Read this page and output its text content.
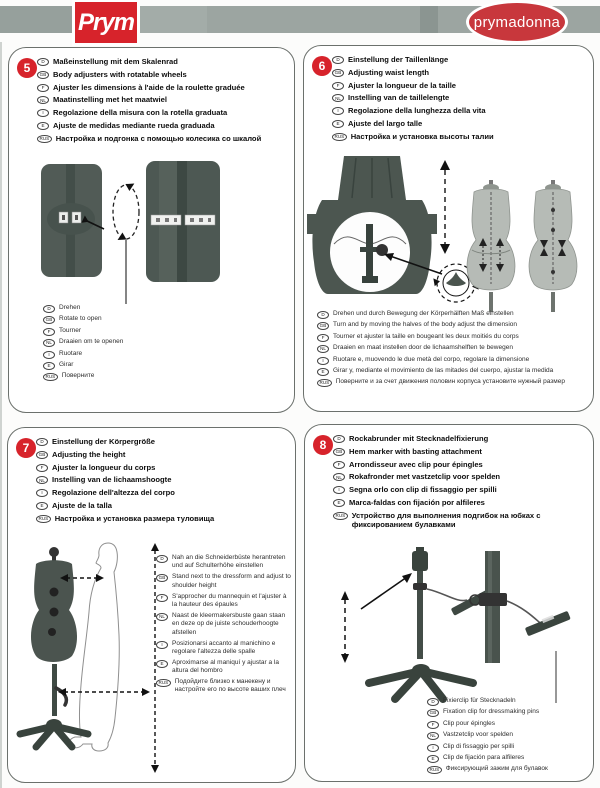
Prym	prymadonna
5	D	Maßeinstellung mit dem Skalenrad
GB Body adjusters with rotatable wheels
F	Ajuster les dimensions à l'aide de la roulette graduée
NL Maatinstelling met het maatwiel
I	Regolazione della misura con la rotella graduata
E	Ajuste de medidas mediante rueda graduada
RUS Настройка и подгонка с помощью колесика со шкалой
D	Drehen
GB	Rotate to open
F	Tourner
NL	Draaien om te openen
I	Ruotare
E	Girar
RUS	Поверните
6	D	Einstellung der Taillenlänge
GB Adjusting waist length
F	Ajuster la longueur de la taille
NL Instelling van de taillelengte
I	Regolazione della lunghezza della vita
E	Ajuste del largo talle
RUS Настройка и установка высоты талии
D	Drehen und durch Bewegung der Körperhälften Maß einstellen
GB	Turn and by moving the halves of the body adjust the dimension
F	Tourner et ajuster la taille en bougeant les deux moitiés du corps
NL	Draaien en maat instellen door de lichaamshelften te bewegen
I	Ruotare e, muovendo le due metà del corpo, regolare la dimensione
E	Girar y, mediante el movimiento de las mitades del cuerpo, ajustar la medida
RUS	Поверните и за счет движения половин корпуса установите нужный размер
7	D	Einstellung der Körpergröße
GB Adjusting the height
F	Ajuster la longueur du corps
NL Instelling van de lichaamshoogte
I	Regolazione dell'altezza del corpo
E	Ajuste de la talla
RUS Настройка и установка размера туловища
D	Nah an die Schneiderbüste herantreten und auf Schulterhöhe einstellen
GB	Stand next to the dressform and adjust to shoulder height
F	S'approcher du mannequin et l'ajuster à la hauteur des épaules
NL	Naast de kleermakersbuste gaan staan en deze op de juiste schouderhoogte afstellen
I	Posizionarsi accanto al manichino e regolare l'altezza delle spalle
E	Aproximarse al maniquí y ajustar a la altura del hombro
RUS	Подойдите близко к манекену и настройте его по высоте ваших плеч
8	D	Rockabrunder mit Stecknadelfixierung
GB Hem marker with basting attachment
F	Arrondisseur avec clip pour épingles
NL Rokafronder met vastzetclip voor spelden
I	Segna orlo con clip di fissaggio per spilli
E	Marca-faldas con fijación por alfileres
RUS Устройство для выполнения подгибок на юбках с фиксированием булавками
D	Fixierclip für Stecknadeln
GB	Fixation clip for dressmaking pins
F	Clip pour épingles
NL	Vastzetclip voor spelden
I	Clip di fissaggio per spilli
E	Clip de fijación para alfileres
RUS	Фиксирующий зажим для булавок
